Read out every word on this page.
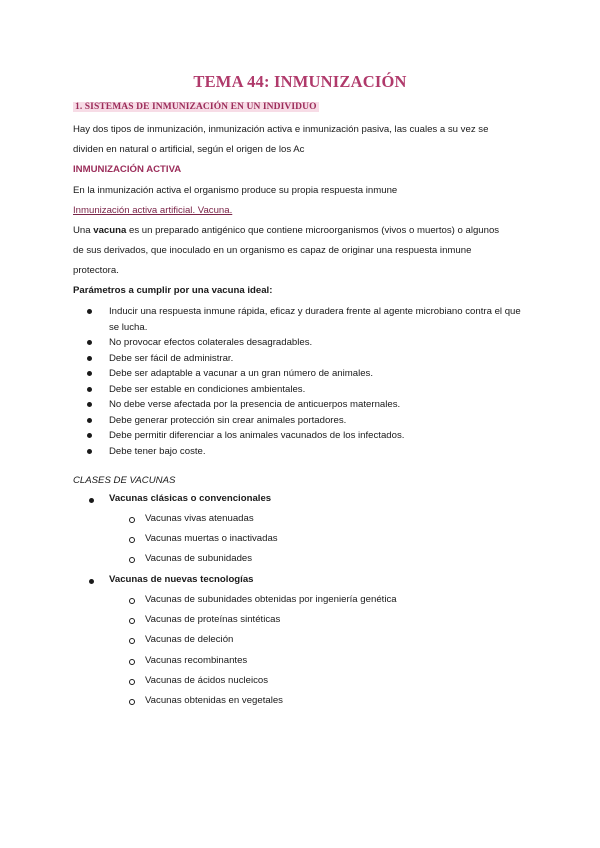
TEMA 44: INMUNIZACIÓN
1. SISTEMAS DE INMUNIZACIÓN EN UN INDIVIDUO
Hay dos tipos de inmunización, inmunización activa e inmunización pasiva, las cuales a su vez se
dividen en natural o artificial, según el origen de los Ac
INMUNIZACIÓN ACTIVA
En la inmunización activa el organismo produce su propia respuesta inmune
Inmunización activa artificial. Vacuna.
Una vacuna es un preparado antigénico que contiene microorganismos (vivos o muertos) o algunos
de sus derivados, que inoculado en un organismo es capaz de originar una respuesta inmune
protectora.
Parámetros a cumplir por una vacuna ideal:
Inducir una respuesta inmune rápida, eficaz y duradera frente al agente microbiano contra el que se lucha.
No provocar efectos colaterales desagradables.
Debe ser fácil de administrar.
Debe ser adaptable a vacunar a un gran número de animales.
Debe ser estable en condiciones ambientales.
No debe verse afectada por la presencia de anticuerpos maternales.
Debe generar protección sin crear animales portadores.
Debe permitir diferenciar a los animales vacunados de los infectados.
Debe tener bajo coste.
CLASES DE VACUNAS
Vacunas clásicas o convencionales
Vacunas vivas atenuadas
Vacunas muertas o inactivadas
Vacunas de subunidades
Vacunas de nuevas tecnologías
Vacunas de subunidades obtenidas por ingeniería genética
Vacunas de proteínas sintéticas
Vacunas de deleción
Vacunas recombinantes
Vacunas de ácidos nucleicos
Vacunas obtenidas en vegetales
